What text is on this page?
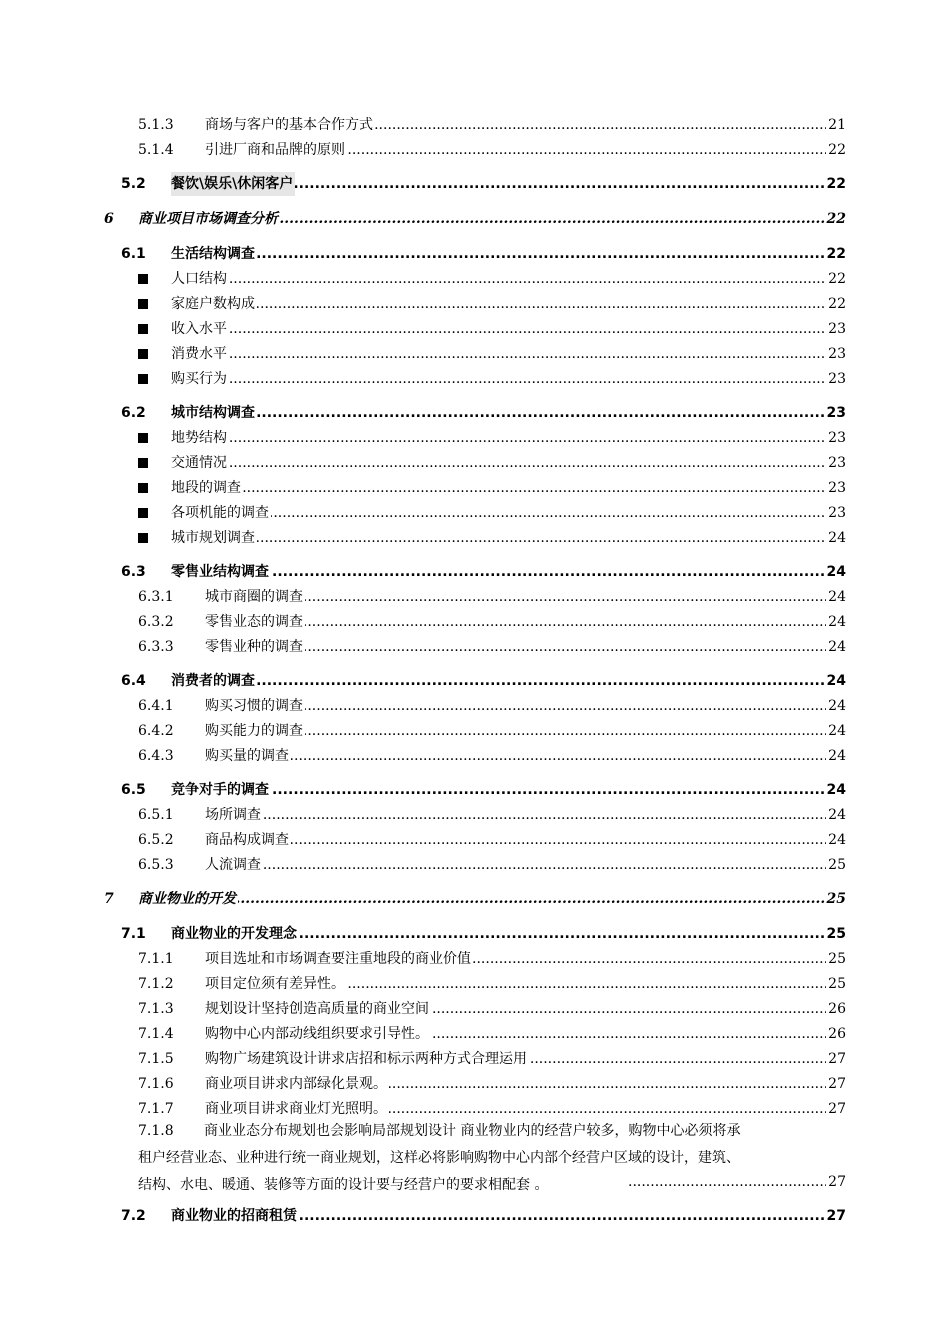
5.1.3 商场与客户的基本合作方式 .....	21
5.1.4 引进厂商和品牌的原则 .....	22
5.2 餐饮\娱乐\休闲客户 .....	22
6 商业项目市场调查分析 .....	22
6.1 生活结构调查 .....	22
人口结构 .....	22
家庭户数构成 .....	22
收入水平 .....	23
消费水平 .....	23
购买行为 .....	23
6.2 城市结构调查 .....	23
地势结构 .....	23
交通情况 .....	23
地段的调查 .....	23
各项机能的调查 .....	23
城市规划调查 .....	24
6.3 零售业结构调查 .....	24
6.3.1 城市商圈的调查 .....	24
6.3.2 零售业态的调查 .....	24
6.3.3 零售业种的调查 .....	24
6.4 消费者的调查 .....	24
6.4.1 购买习惯的调查 .....	24
6.4.2 购买能力的调查 .....	24
6.4.3 购买量的调查 .....	24
6.5 竞争对手的调查 .....	24
6.5.1 场所调查 .....	24
6.5.2 商品构成调查 .....	24
6.5.3 人流调查 .....	25
7 商业物业的开发 .....	25
7.1 商业物业的开发理念 .....	25
7.1.1 项目选址和市场调查要注重地段的商业价值 .....	25
7.1.2 项目定位须有差异性。 .....	25
7.1.3 规划设计坚持创造高质量的商业空间 .....	26
7.1.4 购物中心内部动线组织要求引导性。 .....	26
7.1.5 购物广场建筑设计讲求店招和标示两种方式合理运用 .....	27
7.1.6 商业项目讲求内部绿化景观。 .....	27
7.1.7 商业项目讲求商业灯光照明。 .....	27
7.1.8 商业业态分布规划也会影响局部规划设计 商业物业内的经营户较多，购物中心必须将承
租户经营业态、业种进行统一商业规划，这样必将影响购物中心内部个经营户区域的设计，建筑、
结构、水电、暖通、装修等方面的设计要与经营户的要求相配套 。 .....	27
7.2 商业物业的招商租赁 .....	27
